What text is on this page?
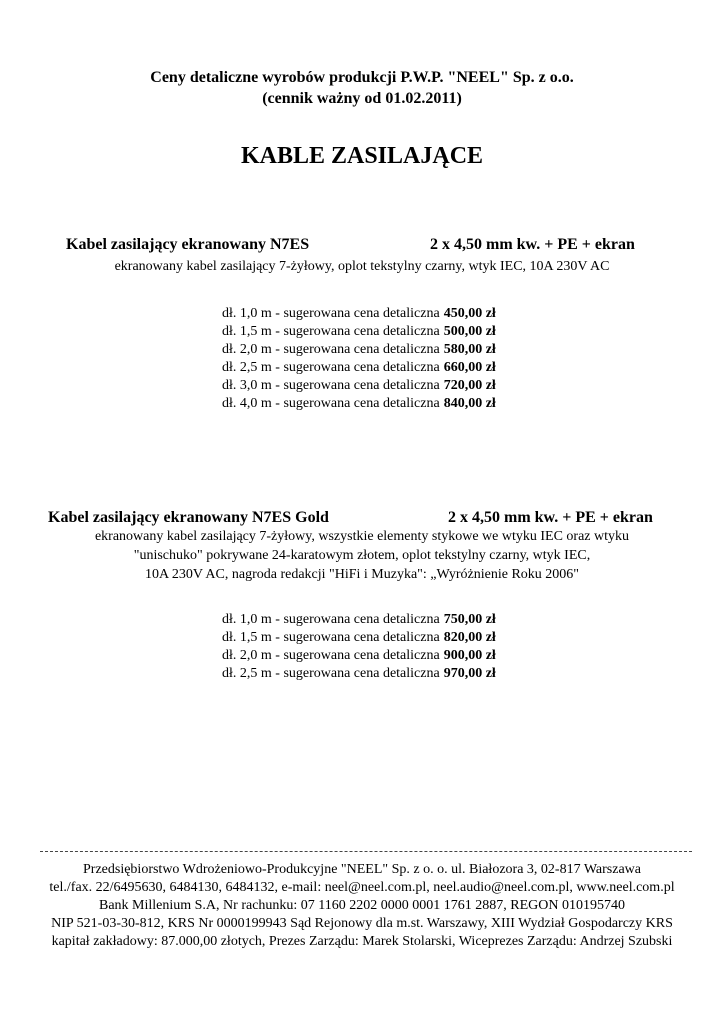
Ceny detaliczne wyrobów produkcji P.W.P. "NEEL" Sp. z o.o.
(cennik ważny od 01.02.2011)
KABLE ZASILAJĄCE
Kabel zasilający ekranowany N7ES	2 x 4,50 mm kw. + PE + ekran
ekranowany kabel zasilający 7-żyłowy, oplot tekstylny czarny, wtyk IEC, 10A 230V AC
dł. 1,0 m - sugerowana cena detaliczna 450,00 zł
dł. 1,5 m - sugerowana cena detaliczna 500,00 zł
dł. 2,0 m - sugerowana cena detaliczna 580,00 zł
dł. 2,5 m - sugerowana cena detaliczna 660,00 zł
dł. 3,0 m - sugerowana cena detaliczna 720,00 zł
dł. 4,0 m - sugerowana cena detaliczna 840,00 zł
Kabel zasilający ekranowany N7ES Gold	2 x 4,50 mm kw. + PE + ekran
ekranowany kabel zasilający 7-żyłowy, wszystkie elementy stykowe we wtyku IEC oraz wtyku
"unischuko" pokrywane 24-karatowym złotem, oplot tekstylny czarny, wtyk IEC,
10A 230V AC, nagroda redakcji "HiFi i Muzyka": „Wyróżnienie Roku 2006"
dł. 1,0 m - sugerowana cena detaliczna 750,00 zł
dł. 1,5 m - sugerowana cena detaliczna 820,00 zł
dł. 2,0 m - sugerowana cena detaliczna 900,00 zł
dł. 2,5 m - sugerowana cena detaliczna 970,00 zł
Przedsiębiorstwo Wdrożeniowo-Produkcyjne "NEEL" Sp. z o. o. ul. Białozora 3, 02-817 Warszawa
tel./fax. 22/6495630, 6484130, 6484132, e-mail: neel@neel.com.pl, neel.audio@neel.com.pl, www.neel.com.pl
Bank Millenium S.A, Nr rachunku: 07 1160 2202 0000 0001 1761 2887, REGON 010195740
NIP 521-03-30-812, KRS Nr 0000199943 Sąd Rejonowy dla m.st. Warszawy, XIII Wydział Gospodarczy KRS
kapitał zakładowy: 87.000,00 złotych, Prezes Zarządu: Marek Stolarski, Wiceprezes Zarządu: Andrzej Szubski
